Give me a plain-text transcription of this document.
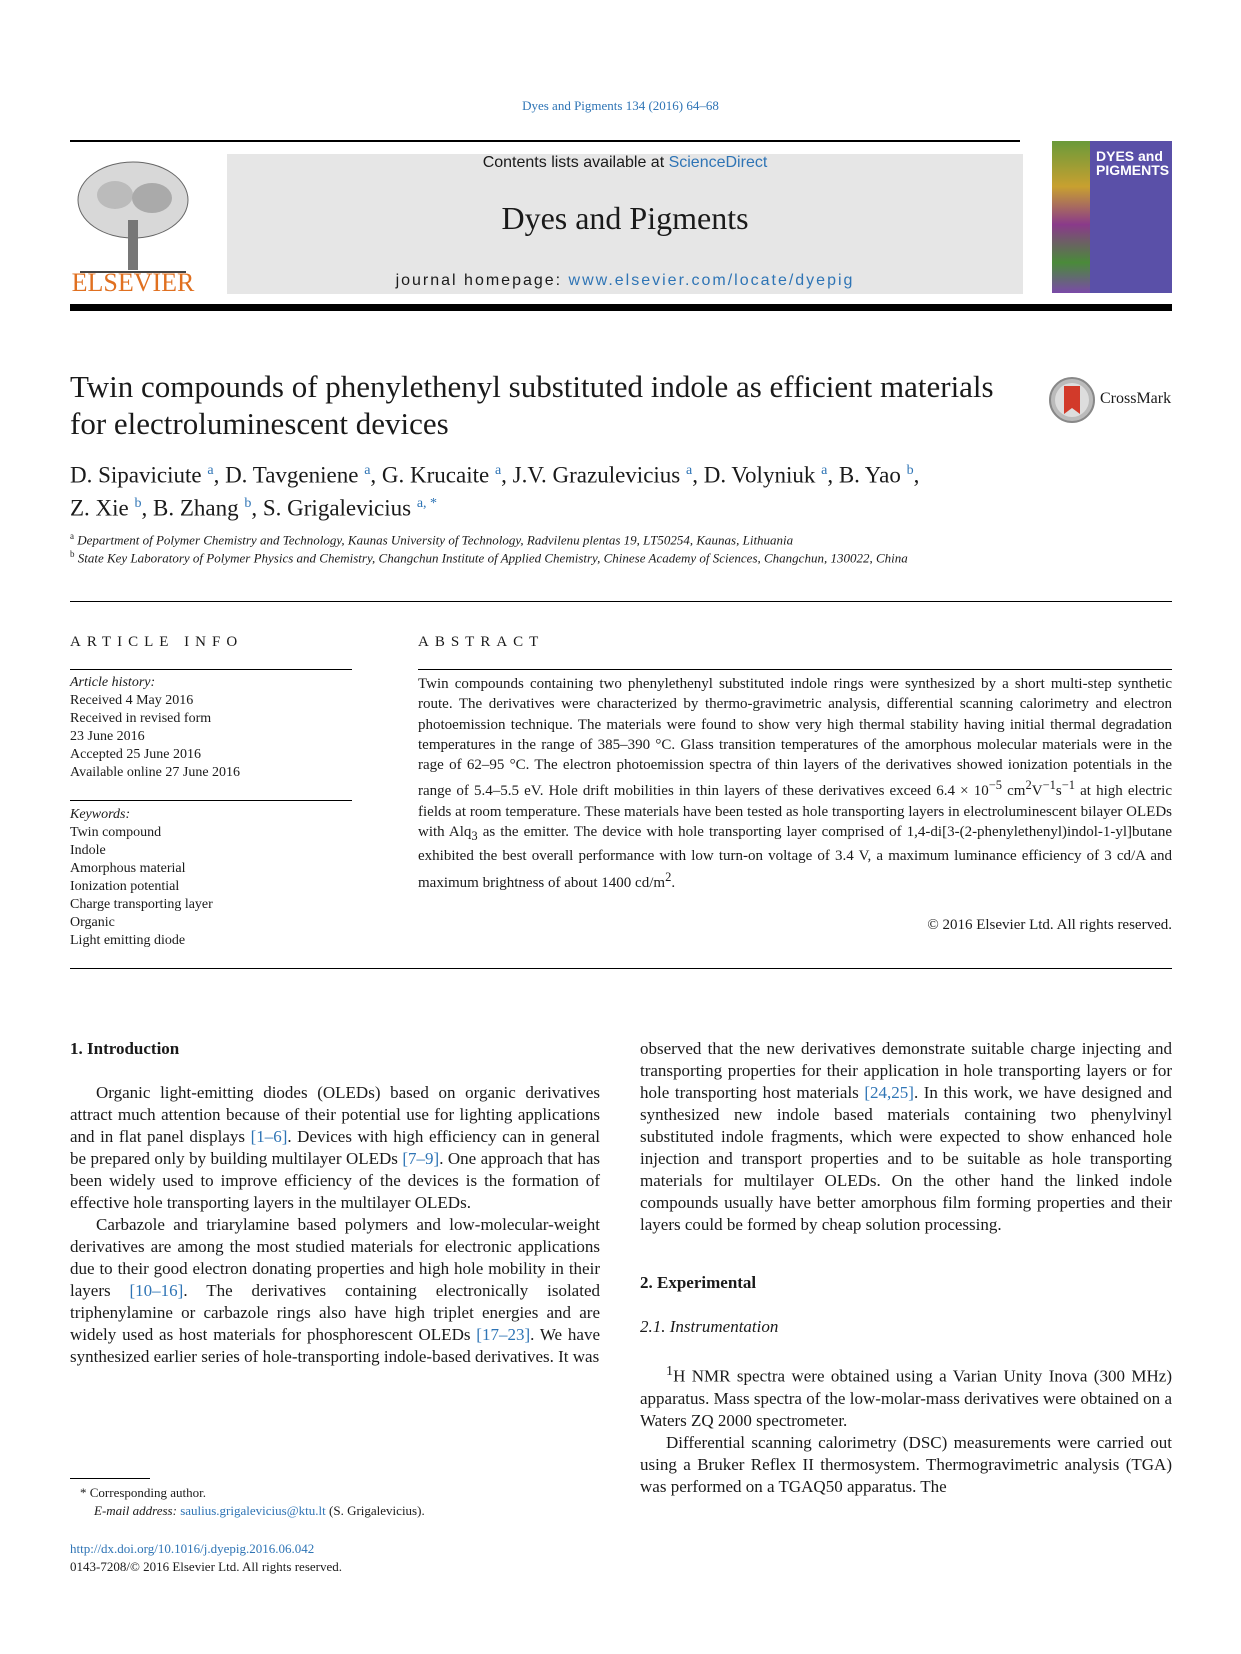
Dyes and Pigments 134 (2016) 64–68
ELSEVIER
Contents lists available at ScienceDirect
Dyes and Pigments
journal homepage: www.elsevier.com/locate/dyepig
DYES and PIGMENTS
Twin compounds of phenylethenyl substituted indole as efficient materials for electroluminescent devices
CrossMark
D. Sipaviciute $^a$, D. Tavgeniene $^a$, G. Krucaite $^a$, J.V. Grazulevicius $^a$, D. Volyniuk $^a$, B. Yao $^b$,
Z. Xie $^b$, B. Zhang $^b$, S. Grigalevicius $^{a, *}$
$^a$ Department of Polymer Chemistry and Technology, Kaunas University of Technology, Radvilenu plentas 19, LT50254, Kaunas, Lithuania
$^b$ State Key Laboratory of Polymer Physics and Chemistry, Changchun Institute of Applied Chemistry, Chinese Academy of Sciences, Changchun, 130022, China
ARTICLE INFO	ABSTRACT
Article history:
Received 4 May 2016
Received in revised form
23 June 2016
Accepted 25 June 2016
Available online 27 June 2016
Keywords:
Twin compound
Indole
Amorphous material
Ionization potential
Charge transporting layer
Organic
Light emitting diode
Twin compounds containing two phenylethenyl substituted indole rings were synthesized by a short multi-step synthetic route. The derivatives were characterized by thermo-gravimetric analysis, differential scanning calorimetry and electron photoemission technique. The materials were found to show very high thermal stability having initial thermal degradation temperatures in the range of 385–390 °C. Glass transition temperatures of the amorphous molecular materials were in the rage of 62–95 °C. The electron photoemission spectra of thin layers of the derivatives showed ionization potentials in the range of 5.4–5.5 eV. Hole drift mobilities in thin layers of these derivatives exceed $6.4 \times 10^{-5}$ $cm^2V^{-1}s^{-1}$ at high electric fields at room temperature. These materials have been tested as hole transporting layers in electroluminescent bilayer OLEDs with Alq$_3$ as the emitter. The device with hole transporting layer comprised of 1,4-di[3-(2-phenylethenyl)indol-1-yl]butane exhibited the best overall performance with low turn-on voltage of 3.4 V, a maximum luminance efficiency of 3 cd/A and maximum brightness of about 1400 $cd/m^2$.
© 2016 Elsevier Ltd. All rights reserved.
1. Introduction

Organic light-emitting diodes (OLEDs) based on organic derivatives attract much attention because of their potential use for lighting applications and in flat panel displays [1–6]. Devices with high efficiency can in general be prepared only by building multilayer OLEDs [7–9]. One approach that has been widely used to improve efficiency of the devices is the formation of effective hole transporting layers in the multilayer OLEDs.

Carbazole and triarylamine based polymers and low-molecular-weight derivatives are among the most studied materials for electronic applications due to their good electron donating properties and high hole mobility in their layers [10–16]. The derivatives containing electronically isolated triphenylamine or carbazole rings also have high triplet energies and are widely used as host materials for phosphorescent OLEDs [17–23]. We have synthesized earlier series of hole-transporting indole-based derivatives. It was

observed that the new derivatives demonstrate suitable charge injecting and transporting properties for their application in hole transporting layers or for hole transporting host materials [24,25]. In this work, we have designed and synthesized new indole based materials containing two phenylvinyl substituted indole fragments, which were expected to show enhanced hole injection and transport properties and to be suitable as hole transporting materials for multilayer OLEDs. On the other hand the linked indole compounds usually have better amorphous film forming properties and their layers could be formed by cheap solution processing.

2. Experimental
2.1. Instrumentation

$^1$H NMR spectra were obtained using a Varian Unity Inova (300 MHz) apparatus. Mass spectra of the low-molar-mass derivatives were obtained on a Waters ZQ 2000 spectrometer.

Differential scanning calorimetry (DSC) measurements were carried out using a Bruker Reflex II thermosystem. Thermogravimetric analysis (TGA) was performed on a TGAQ50 apparatus. The

* Corresponding author.
E-mail address: saulius.grigalevicius@ktu.lt (S. Grigalevicius).
http://dx.doi.org/10.1016/j.dyepig.2016.06.042
0143-7208/© 2016 Elsevier Ltd. All rights reserved.
